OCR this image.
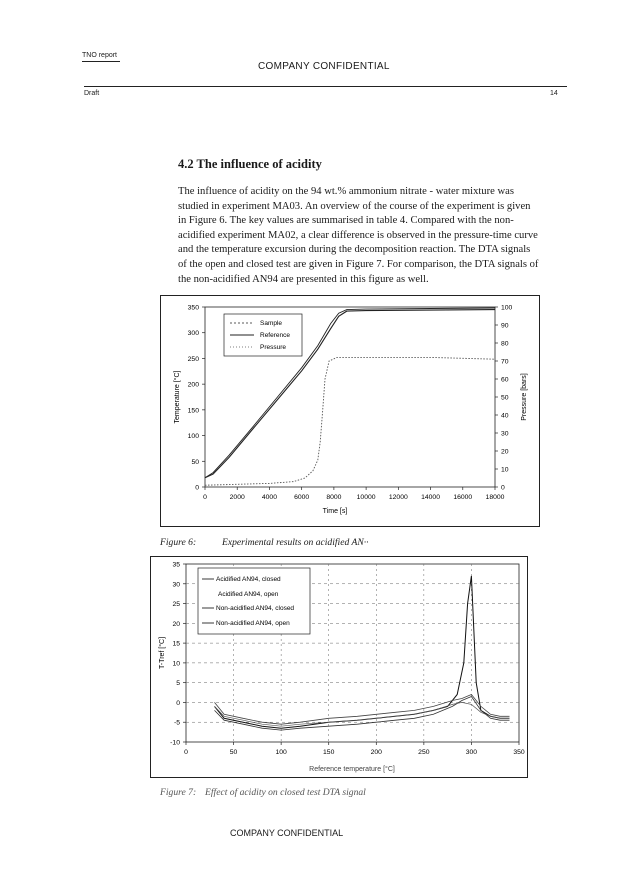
TNO report
COMPANY CONFIDENTIAL
Draft	14
4.2 The influence of acidity
The influence of acidity on the 94 wt.% ammonium nitrate - water mixture was studied in experiment MA03. An overview of the course of the experiment is given in Figure 6. The key values are summarised in table 4. Compared with the non-acidified experiment MA02, a clear difference is observed in the pressure-time curve and the temperature excursion during the decomposition reaction. The DTA signals of the open and closed test are given in Figure 7. For comparison, the DTA signals of the non-acidified AN94 are presented in this figure as well.
0	2000	4000	6000	8000 10000 12000 14000 16000 18000
0
50
100
150
200
250
300
350
0
10
20
30
40
50
60
70
80
90
100
Time [s]
Temperature [°C]	Pressure [bars]
Sample
Reference
Pressure
Figure 6:	Experimental results on acidified AN··
0	50	100	150	200	250	300	350
-10
-5
0
5
10
15
20
25
30
35
Reference temperature [°C]
T-Tref [°C]
Acidified AN94, closed
Acidified AN94, open
Non-acidified AN94, closed
Non-acidified AN94, open
Figure 7: Effect of acidity on closed test DTA signal
COMPANY CONFIDENTIAL
